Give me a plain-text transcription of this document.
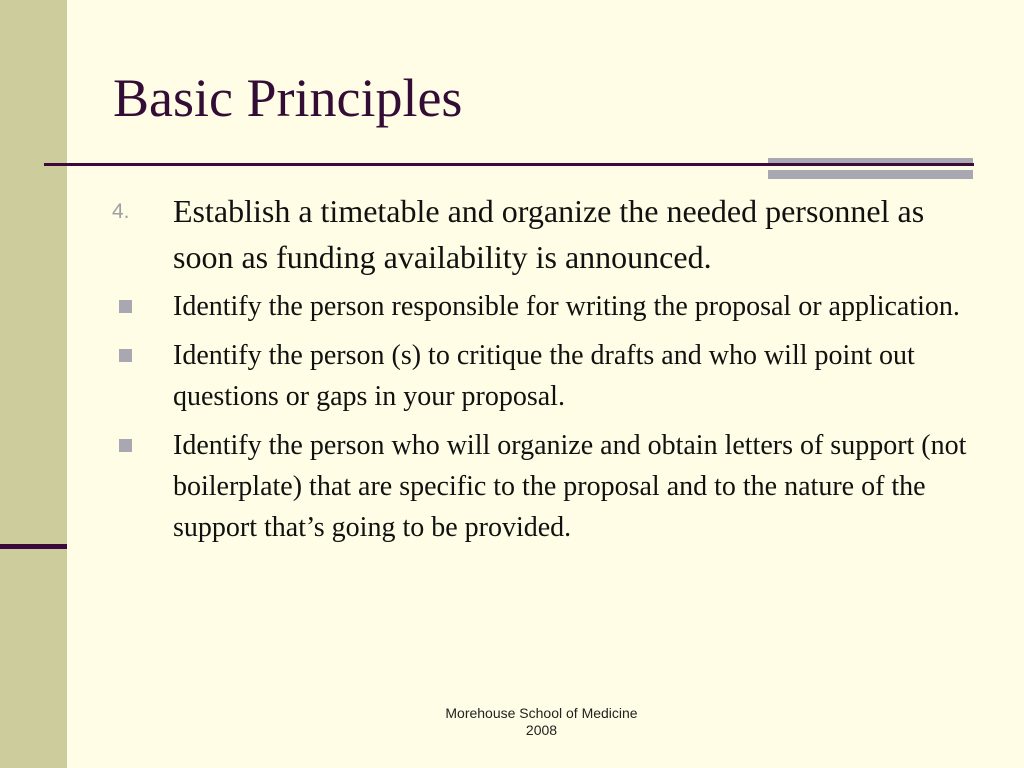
Basic Principles
4. Establish a timetable and organize the needed personnel as soon as funding availability is announced.
Identify the person responsible for writing the proposal or application.
Identify the person (s) to critique the drafts and who will point out questions or gaps in your proposal.
Identify the person who will organize and obtain letters of support (not boilerplate) that are specific to the proposal and to the nature of the support that’s going to be provided.
Morehouse School of Medicine
2008
